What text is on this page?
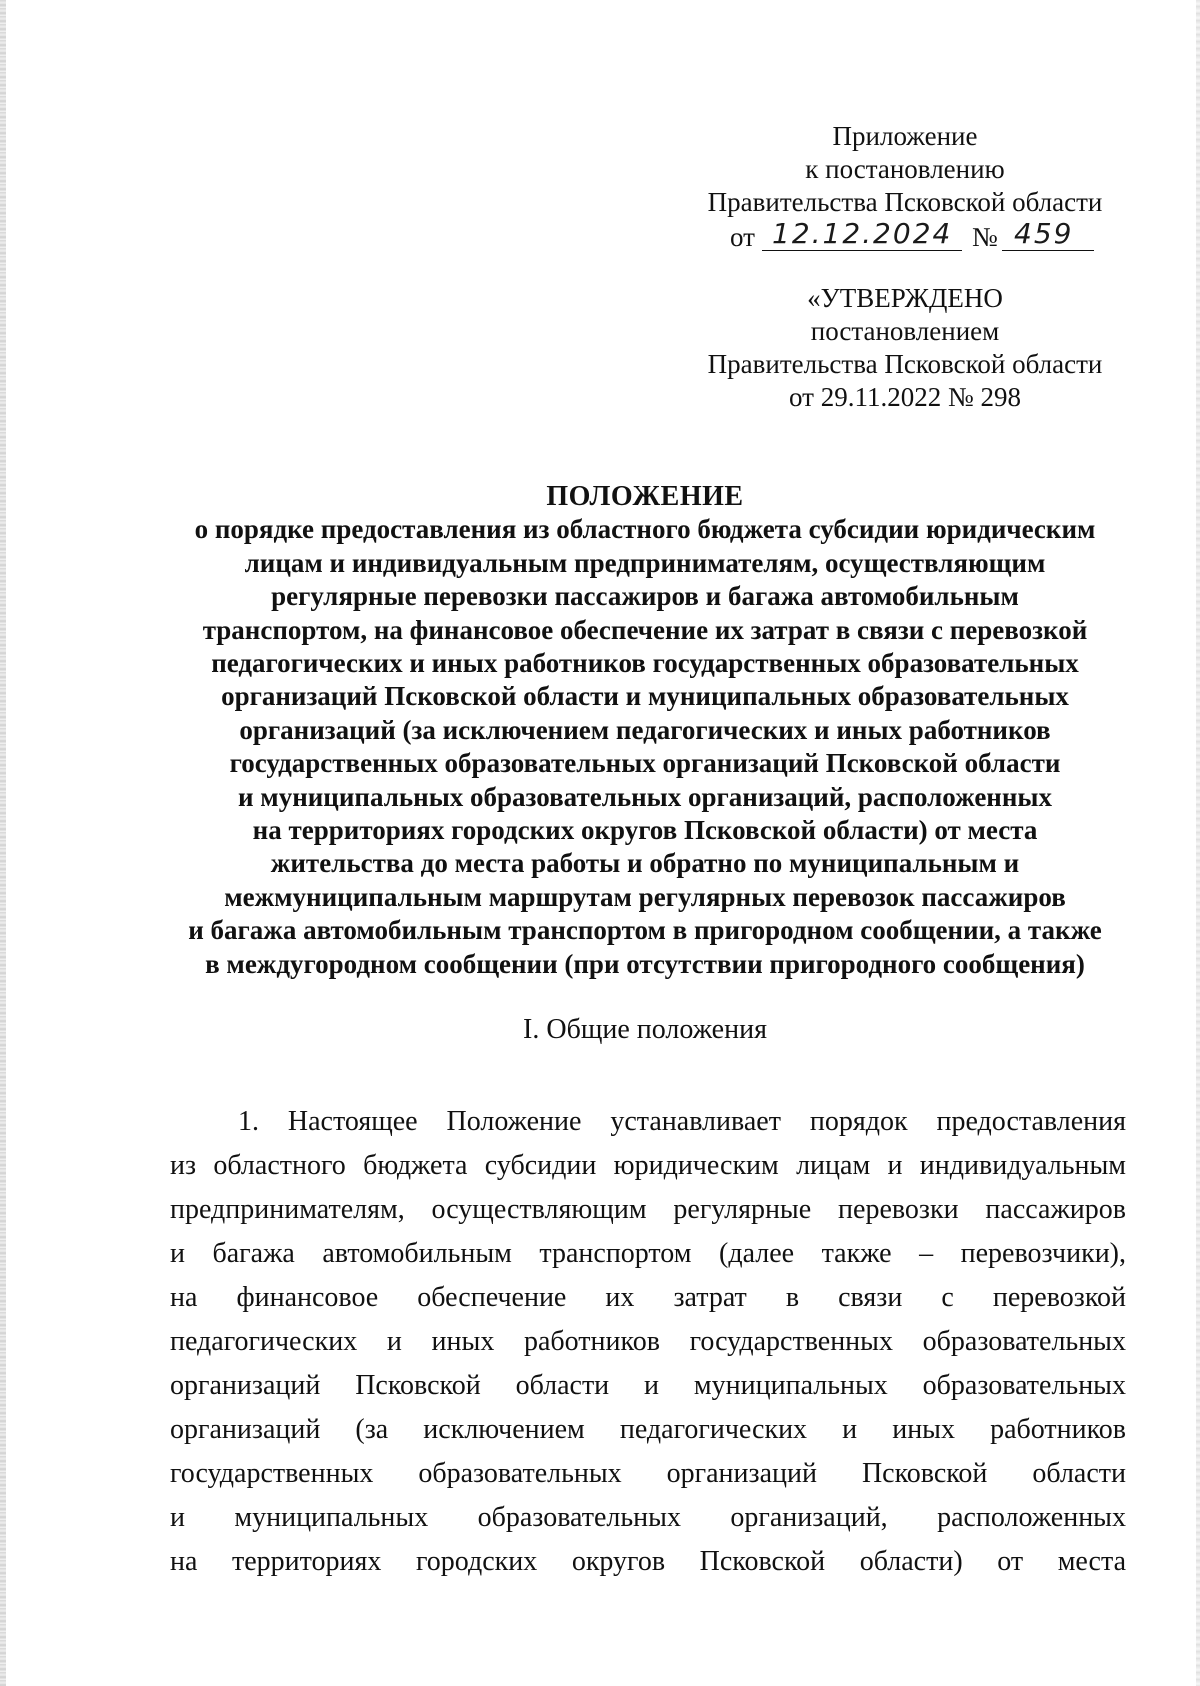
Приложение
к постановлению
Правительства Псковской области
от 12.12.2024 № 459
«УТВЕРЖДЕНО
постановлением
Правительства Псковской области
от 29.11.2022 № 298
ПОЛОЖЕНИЕ
о порядке предоставления из областного бюджета субсидии юридическим
лицам и индивидуальным предпринимателям, осуществляющим
регулярные перевозки пассажиров и багажа автомобильным
транспортом, на финансовое обеспечение их затрат в связи с перевозкой
педагогических и иных работников государственных образовательных
организаций Псковской области и муниципальных образовательных
организаций (за исключением педагогических и иных работников
государственных образовательных организаций Псковской области
и муниципальных образовательных организаций, расположенных
на территориях городских округов Псковской области) от места
жительства до места работы и обратно по муниципальным и
межмуниципальным маршрутам регулярных перевозок пассажиров
и багажа автомобильным транспортом в пригородном сообщении, а также
в междугородном сообщении (при отсутствии пригородного сообщения)
I. Общие положения
1. Настоящее Положение устанавливает порядок предоставления
из областного бюджета субсидии юридическим лицам и индивидуальным
предпринимателям, осуществляющим регулярные перевозки пассажиров
и багажа автомобильным транспортом (далее также – перевозчики),
на финансовое обеспечение их затрат в связи с перевозкой
педагогических и иных работников государственных образовательных
организаций Псковской области и муниципальных образовательных
организаций (за исключением педагогических и иных работников
государственных образовательных организаций Псковской области
и муниципальных образовательных организаций, расположенных
на территориях городских округов Псковской области) от места
